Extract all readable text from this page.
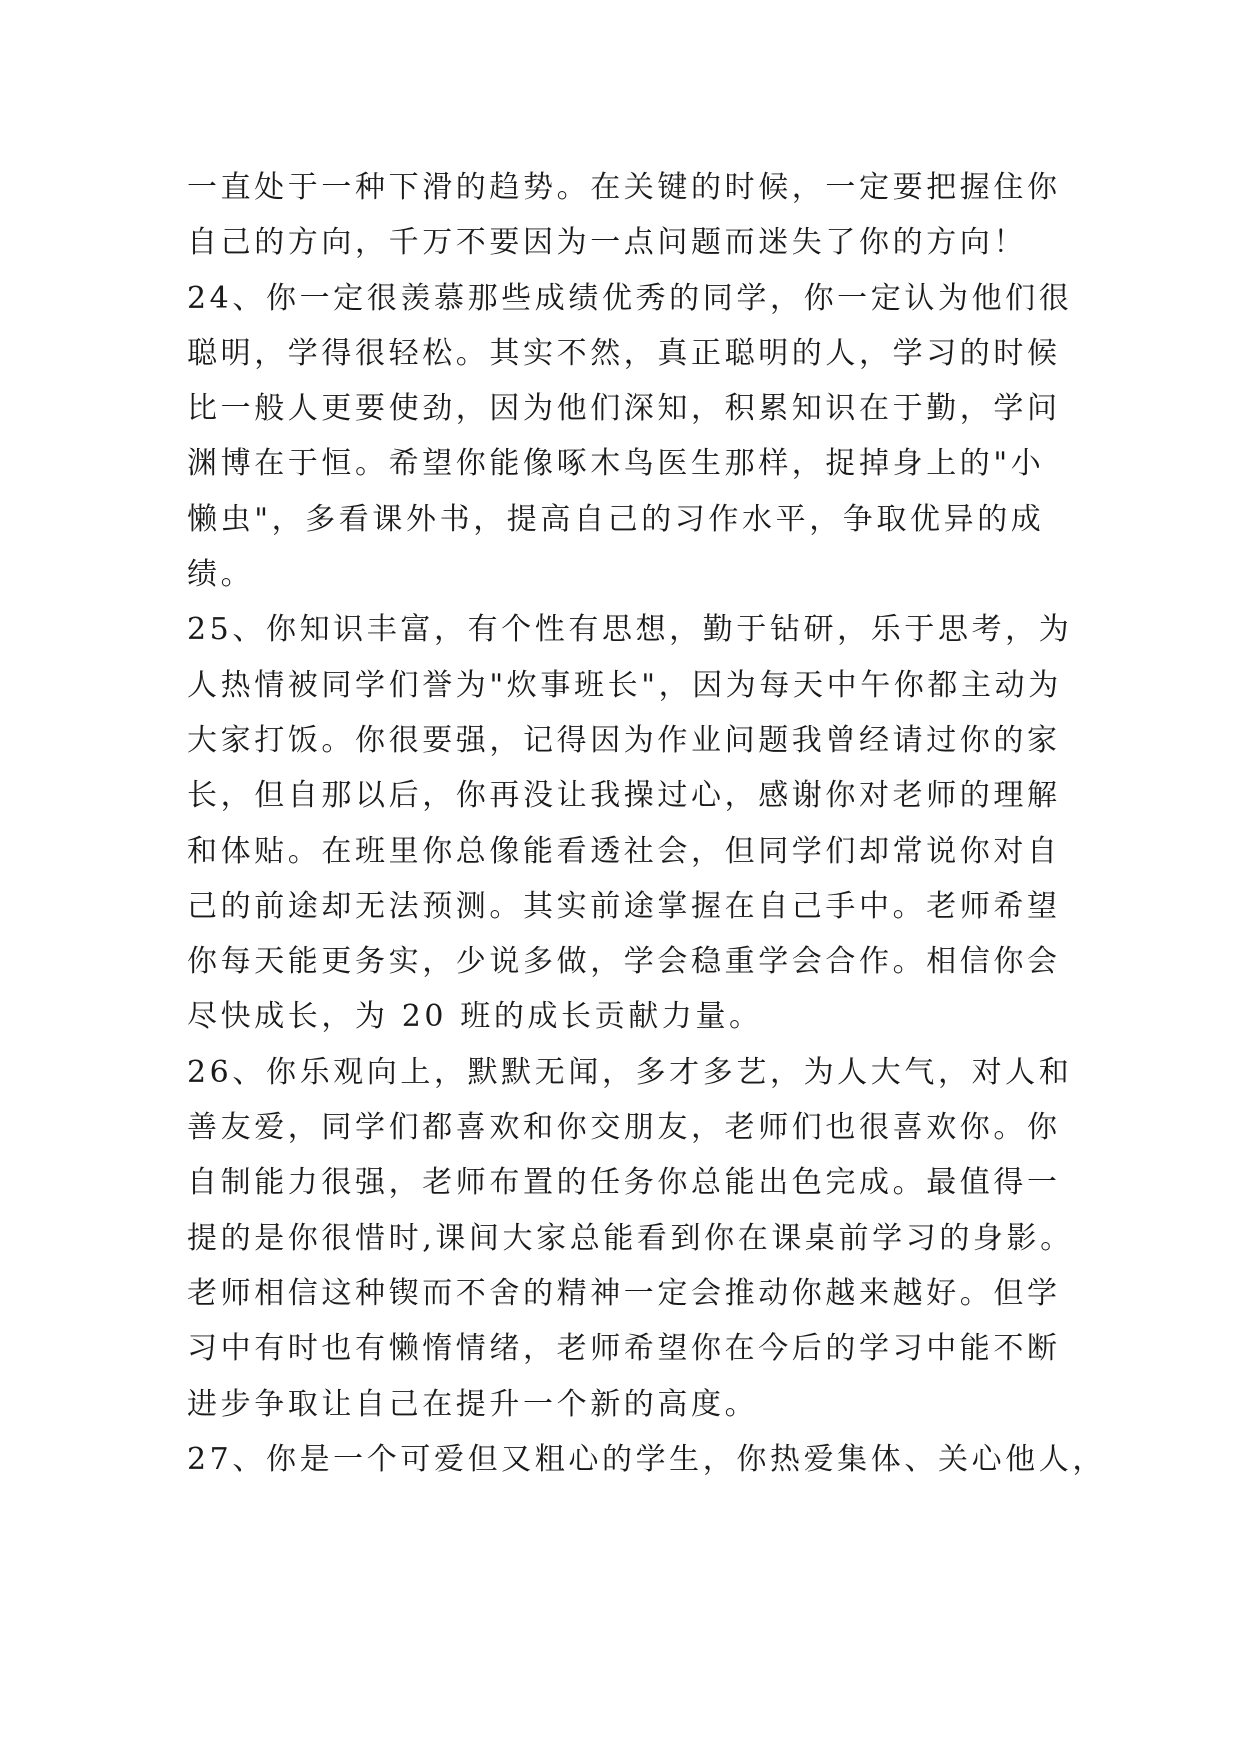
一直处于一种下滑的趋势。在关键的时候，一定要把握住你
自己的方向，千万不要因为一点问题而迷失了你的方向！
24、你一定很羡慕那些成绩优秀的同学，你一定认为他们很
聪明，学得很轻松。其实不然，真正聪明的人，学习的时候
比一般人更要使劲，因为他们深知，积累知识在于勤，学问
渊博在于恒。希望你能像啄木鸟医生那样，捉掉身上的"小
懒虫"，多看课外书，提高自己的习作水平，争取优异的成
绩。
25、你知识丰富，有个性有思想，勤于钻研，乐于思考，为
人热情被同学们誉为"炊事班长"，因为每天中午你都主动为
大家打饭。你很要强，记得因为作业问题我曾经请过你的家
长，但自那以后，你再没让我操过心，感谢你对老师的理解
和体贴。在班里你总像能看透社会，但同学们却常说你对自
己的前途却无法预测。其实前途掌握在自己手中。老师希望
你每天能更务实，少说多做，学会稳重学会合作。相信你会
尽快成长，为 20 班的成长贡献力量。
26、你乐观向上，默默无闻，多才多艺，为人大气，对人和
善友爱，同学们都喜欢和你交朋友，老师们也很喜欢你。你
自制能力很强，老师布置的任务你总能出色完成。最值得一
提的是你很惜时,课间大家总能看到你在课桌前学习的身影。
老师相信这种锲而不舍的精神一定会推动你越来越好。但学
习中有时也有懒惰情绪，老师希望你在今后的学习中能不断
进步争取让自己在提升一个新的高度。
27、你是一个可爱但又粗心的学生，你热爱集体、关心他人，
